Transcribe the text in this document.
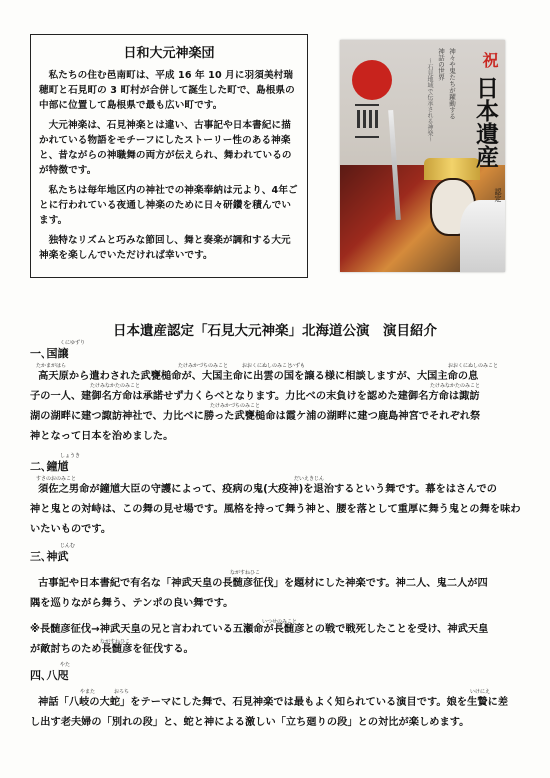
日和大元神楽団

私たちの住む邑南町は、平成 16 年 10 月に羽須美村瑞穂町と石見町の 3 町村が合併して誕生した町で、島根県の中部に位置して島根県で最も広い町です。

大元神楽は、石見神楽とは違い、古事記や日本書紀に描かれている物語をモチーフにしたストーリー性のある神楽と、昔ながらの神職舞の両方が伝えられ、舞われているのが特徴です。

私たちは毎年地区内の神社での神楽奉納は元より、4年ごとに行われている夜通し神楽のために日々研鑽を積んでいます。

独特なリズムと巧みな節回し、舞と奏楽が調和する大元神楽を楽しんでいただければ幸いです。

祝
日本遺産
認定
神々や鬼たちが躍動する
神話の世界
～石見地域で伝承される神楽～
日本遺産認定「石見大元神楽」北海道公演　演目紹介
くにゆずり
一､国譲
たかまがはら	たけみかづちのみこと	おおくにぬしのみこと
いずも	おおくにぬしのみこと
たけみなかたのみこと	たけみなかたのみこと
たけみかづちのみこと

高天原から遣わされた武甕槌命が、大国主命に出雲の国を譲る様に相談しますが、大国主命の息

子の一人、建御名方命は承諾せず力くらべとなります。力比べの末負けを認めた建御名方命は諏訪

湖の湖畔に建つ諏訪神社で、力比べに勝った武甕槌命は霞ケ浦の湖畔に建つ鹿島神宮でそれぞれ祭

神となって日本を治めました。

しょうき
二､鐘馗
すさのおのみこと	だいえきじん

須佐之男命が鐘馗大臣の守護によって、疫病の鬼(大疫神)を退治するという舞です。幕をはさんでの

神と鬼との対峙は、この舞の見せ場です。風格を持って舞う神と、腰を落として重厚に舞う鬼との舞を味わ

いたいものです。

じんむ
三､神武
ながすねひこ
いつせのみこと
ながすねひこ

古事記や日本書紀で有名な「神武天皇の長髄彦征伐」を題材にした神楽です。神二人、鬼二人が四

隅を巡りながら舞う、テンポの良い舞です。

※長髄彦征伐→神武天皇の兄と言われている五瀬命が長髄彦との戦で戦死したことを受け、神武天皇

が敵討ちのため長髄彦を征伐する。

やた
四､八咫
やまた	おろち	いけにえ

神話「八岐の大蛇」をテーマにした舞で、石見神楽では最もよく知られている演目です。娘を生贄に差

し出す老夫婦の「別れの段」と、蛇と神による激しい「立ち廻りの段」との対比が楽しめます。
